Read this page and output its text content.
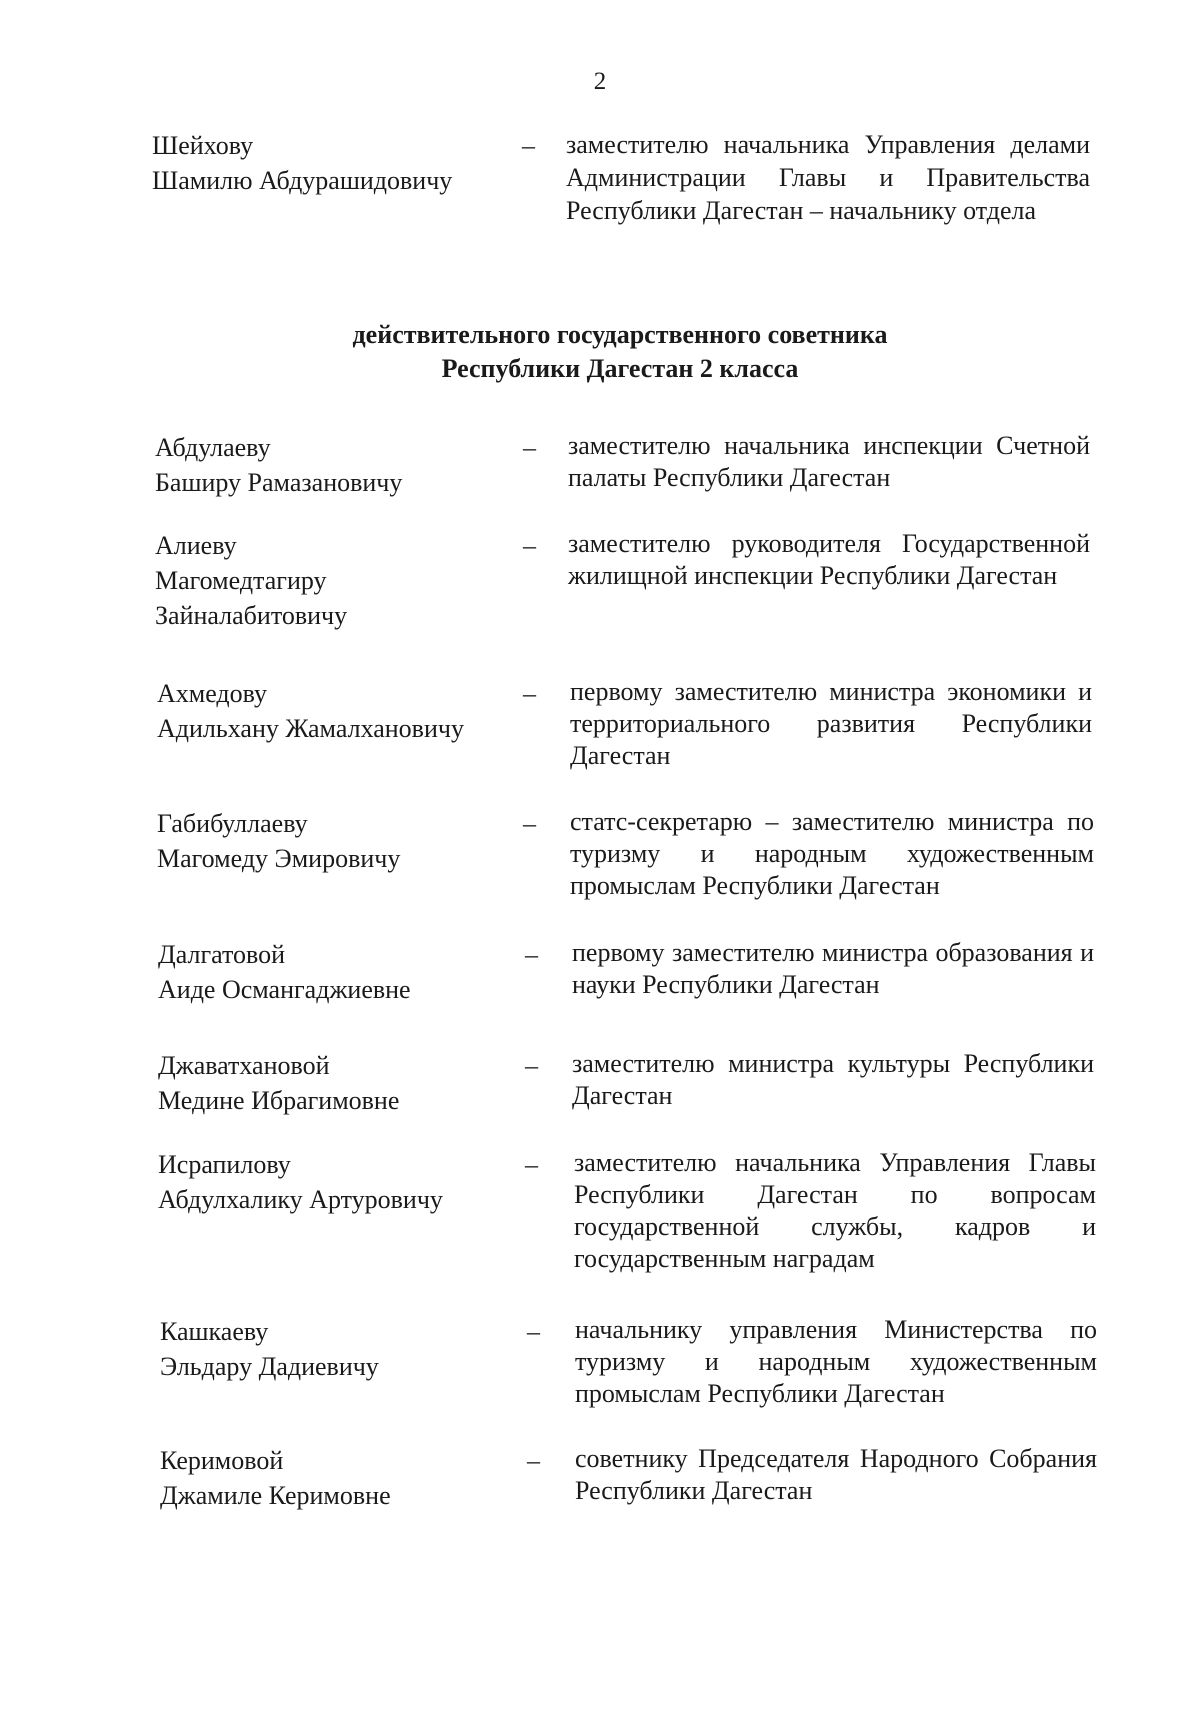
2
Шейхову
Шамилю Абдурашидовичу
– заместителю начальника Управления делами Администрации Главы и Правительства Республики Дагестан – начальнику отдела
действительного государственного советника
Республики Дагестан 2 класса
Абдулаеву
Баширу Рамазановичу
– заместителю начальника инспекции Счетной палаты Республики Дагестан
Алиеву
Магомедтагиру
Зайналабитовичу
– заместителю руководителя Государственной жилищной инспекции Республики Дагестан
Ахмедову
Адильхану Жамалхановичу
– первому заместителю министра экономики и территориального развития Республики Дагестан
Габибуллаеву
Магомеду Эмировичу
– статс-секретарю – заместителю министра по туризму и народным художественным промыслам Республики Дагестан
Далгатовой
Аиде Османгаджиевне
– первому заместителю министра образования и науки Республики Дагестан
Джаватхановой
Медине Ибрагимовне
– заместителю министра культуры Республики Дагестан
Исрапилову
Абдулхалику Артуровичу
– заместителю начальника Управления Главы Республики Дагестан по вопросам государственной службы, кадров и государственным наградам
Кашкаеву
Эльдару Дадиевичу
– начальнику управления Министерства по туризму и народным художественным промыслам Республики Дагестан
Керимовой
Джамиле Керимовне
– советнику Председателя Народного Собрания Республики Дагестан
